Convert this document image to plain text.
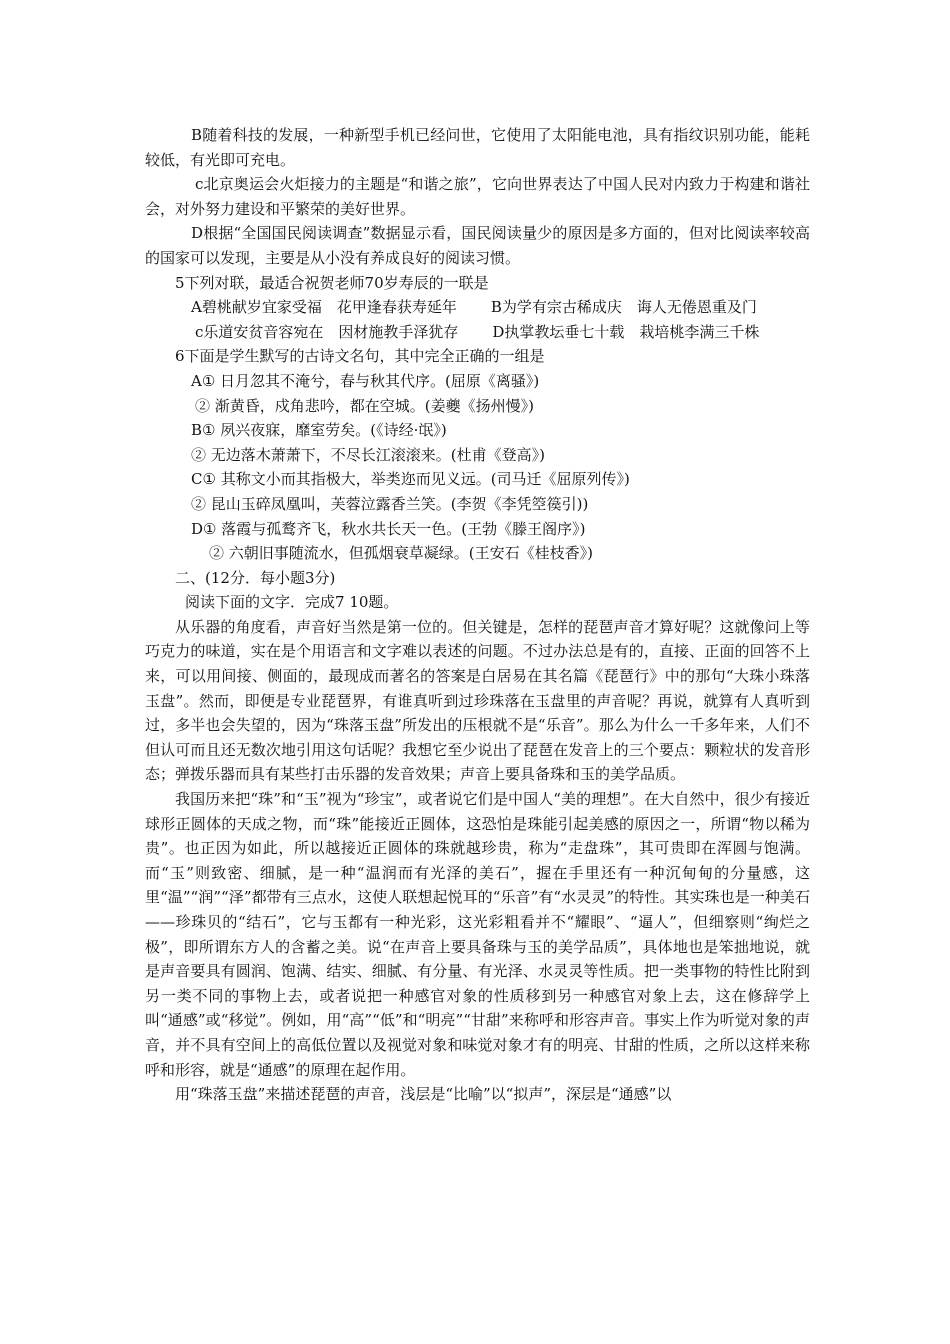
B随着科技的发展，一种新型手机已经问世，它使用了太阳能电池，具有指纹识别功能，能耗较低，有光即可充电。

c北京奥运会火炬接力的主题是“和谐之旅”，它向世界表达了中国人民对内致力于构建和谐社会，对外努力建设和平繁荣的美好世界。

D根据“全国国民阅读调查”数据显示看，国民阅读量少的原因是多方面的，但对比阅读率较高的国家可以发现，主要是从小没有养成良好的阅读习惯。

5下列对联，最适合祝贺老师70岁寿辰的一联是

A碧桃献岁宜家受福　花甲逢春获寿延年 B为学有宗古稀成庆　诲人无倦恩重及门

c乐道安贫音容宛在　因材施教手泽犹存 D执掌教坛垂七十载　栽培桃李满三千株

6下面是学生默写的古诗文名句，其中完全正确的一组是

A① 日月忽其不淹兮，春与秋其代序。(屈原《离骚》)

② 渐黄昏，戍角悲吟，都在空城。(姜夔《扬州慢》)

B① 夙兴夜寐，靡室劳矣。(《诗经·氓》)

② 无边落木萧萧下，不尽长江滚滚来。(杜甫《登高》)

C① 其称文小而其指极大，举类迩而见义远。(司马迁《屈原列传》)

② 昆山玉碎凤凰叫，芙蓉泣露香兰笑。(李贺《李凭箜篌引))

D① 落霞与孤鹜齐飞，秋水共长天一色。(王勃《滕王阁序》)

② 六朝旧事随流水，但孤烟衰草凝绿。(王安石《桂枝香》)

二、(12分．每小题3分)

阅读下面的文字．完成7 10题。

从乐器的角度看，声音好当然是第一位的。但关键是，怎样的琵琶声音才算好呢？这就像问上等巧克力的味道，实在是个用语言和文字难以表述的问题。不过办法总是有的，直接、正面的回答不上来，可以用间接、侧面的，最现成而著名的答案是白居易在其名篇《琵琶行》中的那句“大珠小珠落玉盘”。然而，即便是专业琵琶界，有谁真听到过珍珠落在玉盘里的声音呢？再说，就算有人真听到过，多半也会失望的，因为“珠落玉盘”所发出的压根就不是“乐音”。那么为什么一千多年来，人们不但认可而且还无数次地引用这句话呢？我想它至少说出了琵琶在发音上的三个要点：颗粒状的发音形态；弹拨乐器而具有某些打击乐器的发音效果；声音上要具备珠和玉的美学品质。

我国历来把“珠”和“玉”视为“珍宝”，或者说它们是中国人“美的理想”。在大自然中，很少有接近球形正圆体的天成之物，而“珠”能接近正圆体，这恐怕是珠能引起美感的原因之一，所谓“物以稀为贵”。也正因为如此，所以越接近正圆体的珠就越珍贵，称为“走盘珠”，其可贵即在浑圆与饱满。而“玉”则致密、细腻，是一种“温润而有光泽的美石”，握在手里还有一种沉甸甸的分量感，这里“温”“润”“泽”都带有三点水，这使人联想起悦耳的“乐音”有“水灵灵”的特性。其实珠也是一种美石——珍珠贝的“结石”，它与玉都有一种光彩，这光彩粗看并不“耀眼”、“逼人”，但细察则“绚烂之极”，即所谓东方人的含蓄之美。说“在声音上要具备珠与玉的美学品质”，具体地也是笨拙地说，就是声音要具有圆润、饱满、结实、细腻、有分量、有光泽、水灵灵等性质。把一类事物的特性比附到另一类不同的事物上去，或者说把一种感官对象的性质移到另一种感官对象上去，这在修辞学上叫“通感”或“移觉”。例如，用“高”“低”和“明亮”“甘甜”来称呼和形容声音。事实上作为听觉对象的声音，并不具有空间上的高低位置以及视觉对象和味觉对象才有的明亮、甘甜的性质，之所以这样来称呼和形容，就是“通感”的原理在起作用。

用“珠落玉盘”来描述琵琶的声音，浅层是“比喻”以“拟声”，深层是“通感”以
